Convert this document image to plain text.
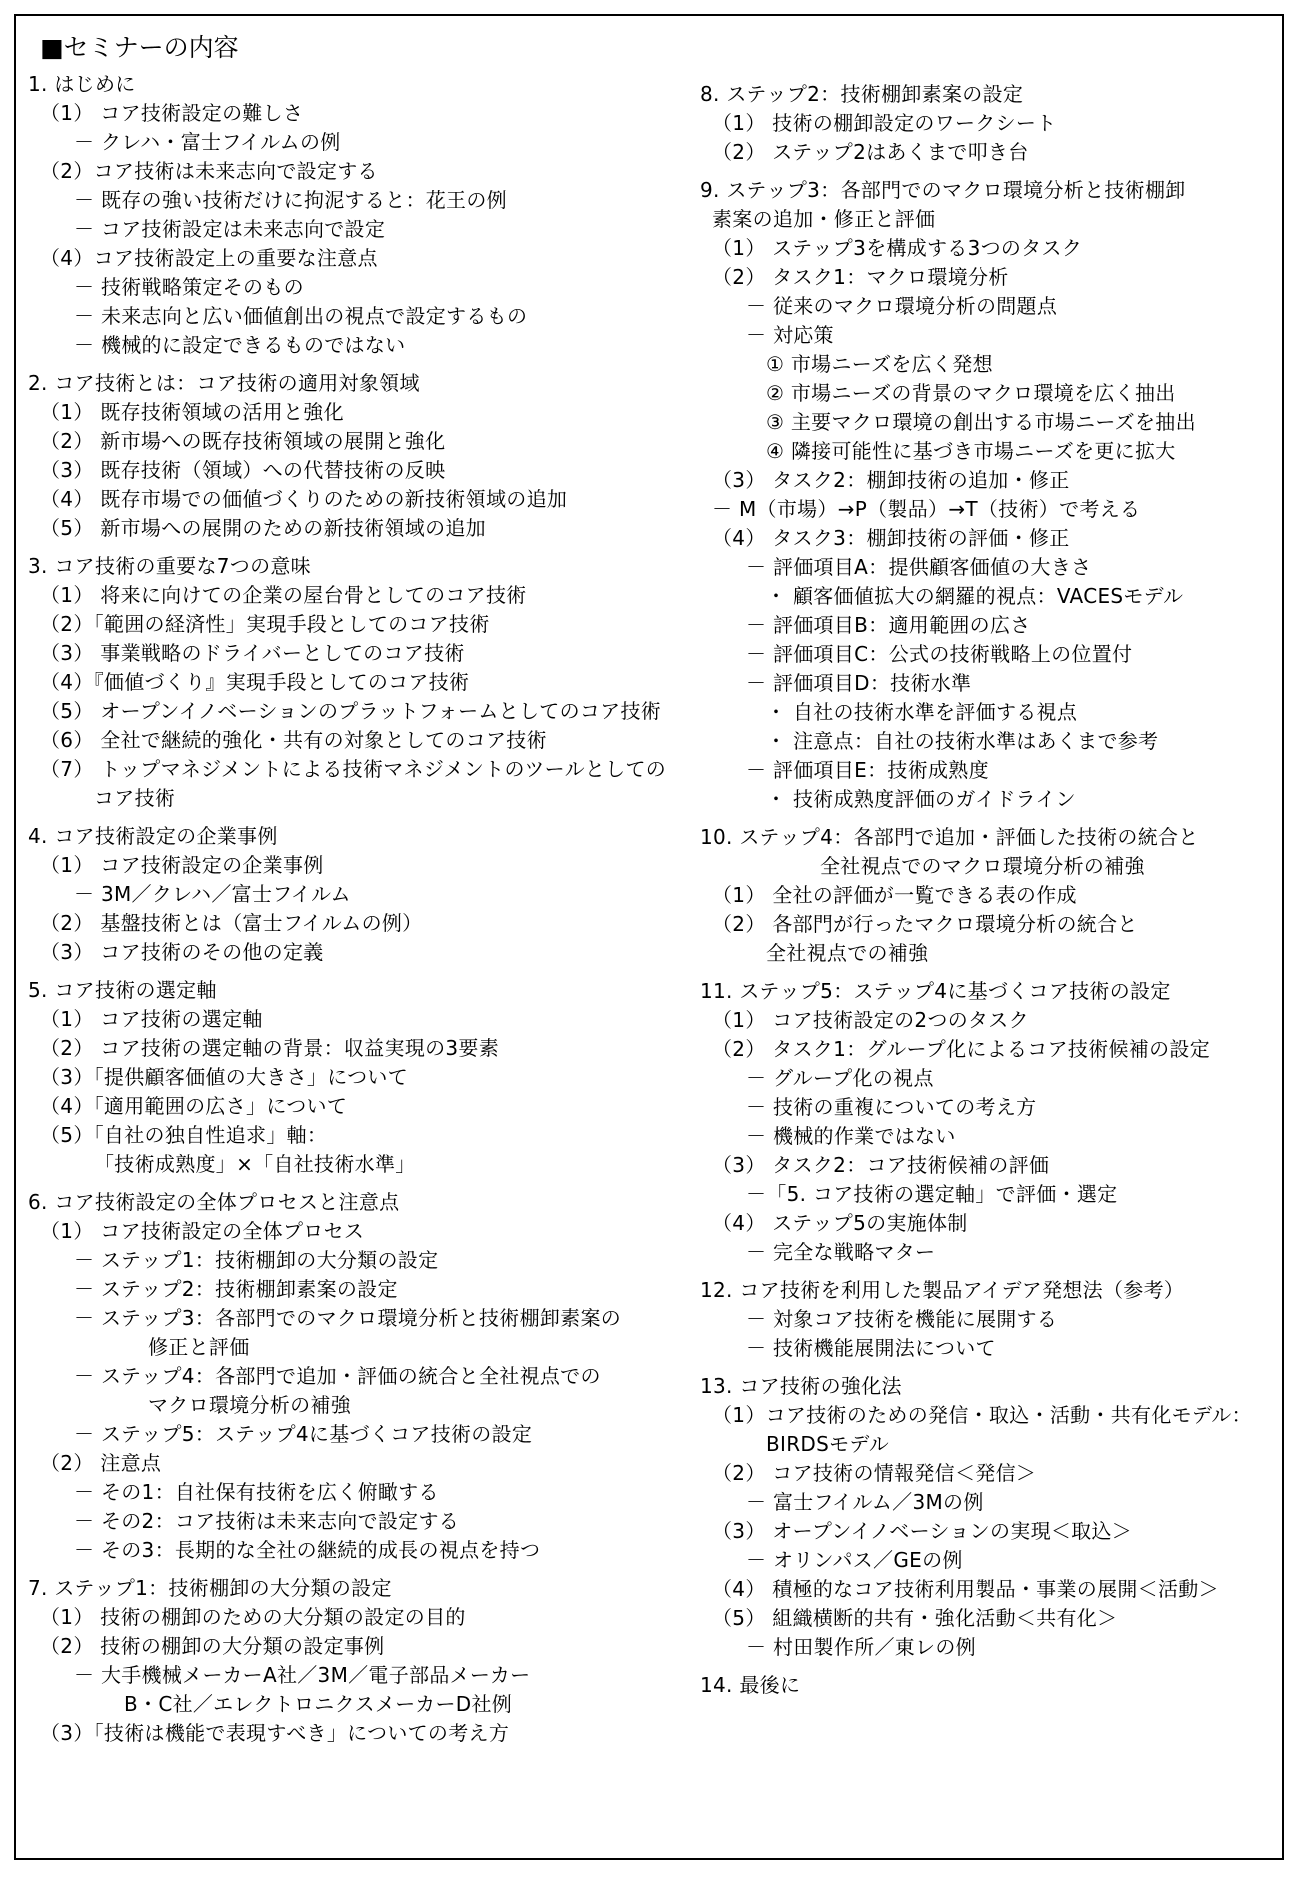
■セミナーの内容
1. はじめに
（1） コア技術設定の難しさ
－ クレハ・富士フイルムの例
（2）コア技術は未来志向で設定する
－ 既存の強い技術だけに拘泥すると：花王の例
－ コア技術設定は未来志向で設定
（4）コア技術設定上の重要な注意点
－ 技術戦略策定そのもの
－ 未来志向と広い価値創出の視点で設定するもの
－ 機械的に設定できるものではない
2. コア技術とは：コア技術の適用対象領域
（1） 既存技術領域の活用と強化
（2） 新市場への既存技術領域の展開と強化
（3） 既存技術（領域）への代替技術の反映
（4） 既存市場での価値づくりのための新技術領域の追加
（5） 新市場への展開のための新技術領域の追加
3. コア技術の重要な7つの意味
（1） 将来に向けての企業の屋台骨としてのコア技術
（2）「範囲の経済性」実現手段としてのコア技術
（3） 事業戦略のドライバーとしてのコア技術
（4）『価値づくり』実現手段としてのコア技術
（5） オープンイノベーションのプラットフォームとしてのコア技術
（6） 全社で継続的強化・共有の対象としてのコア技術
（7） トップマネジメントによる技術マネジメントのツールとしての
コア技術
4. コア技術設定の企業事例
（1） コア技術設定の企業事例
－ 3M／クレハ／富士フイルム
（2） 基盤技術とは（富士フイルムの例）
（3） コア技術のその他の定義
5. コア技術の選定軸
（1） コア技術の選定軸
（2） コア技術の選定軸の背景：収益実現の3要素
（3）「提供顧客価値の大きさ」について
（4）「適用範囲の広さ」について
（5）「自社の独自性追求」軸：
「技術成熟度」×「自社技術水準」
6. コア技術設定の全体プロセスと注意点
（1） コア技術設定の全体プロセス
－ ステップ1：技術棚卸の大分類の設定
－ ステップ2：技術棚卸素案の設定
－ ステップ3：各部門でのマクロ環境分析と技術棚卸素案の
修正と評価
－ ステップ4：各部門で追加・評価の統合と全社視点での
マクロ環境分析の補強
－ ステップ5：ステップ4に基づくコア技術の設定
（2） 注意点
－ その1：自社保有技術を広く俯瞰する
－ その2：コア技術は未来志向で設定する
－ その3：長期的な全社の継続的成長の視点を持つ
7. ステップ1：技術棚卸の大分類の設定
（1） 技術の棚卸のための大分類の設定の目的
（2） 技術の棚卸の大分類の設定事例
－ 大手機械メーカーA社／3M／電子部品メーカー
B・C社／エレクトロニクスメーカーD社例
（3）「技術は機能で表現すべき」についての考え方
8. ステップ2：技術棚卸素案の設定
（1） 技術の棚卸設定のワークシート
（2） ステップ2はあくまで叩き台
9. ステップ3：各部門でのマクロ環境分析と技術棚卸
素案の追加・修正と評価
（1） ステップ3を構成する3つのタスク
（2） タスク1：マクロ環境分析
－ 従来のマクロ環境分析の問題点
－ 対応策
① 市場ニーズを広く発想
② 市場ニーズの背景のマクロ環境を広く抽出
③ 主要マクロ環境の創出する市場ニーズを抽出
④ 隣接可能性に基づき市場ニーズを更に拡大
（3） タスク2：棚卸技術の追加・修正
－ M（市場）→P（製品）→T（技術）で考える
（4） タスク3：棚卸技術の評価・修正
－ 評価項目A：提供顧客価値の大きさ
・ 顧客価値拡大の網羅的視点：VACESモデル
－ 評価項目B：適用範囲の広さ
－ 評価項目C：公式の技術戦略上の位置付
－ 評価項目D：技術水準
・ 自社の技術水準を評価する視点
・ 注意点：自社の技術水準はあくまで参考
－ 評価項目E：技術成熟度
・ 技術成熟度評価のガイドライン
10. ステップ4：各部門で追加・評価した技術の統合と
全社視点でのマクロ環境分析の補強
（1） 全社の評価が一覧できる表の作成
（2） 各部門が行ったマクロ環境分析の統合と
全社視点での補強
11. ステップ5：ステップ4に基づくコア技術の設定
（1） コア技術設定の2つのタスク
（2） タスク1：グループ化によるコア技術候補の設定
－ グループ化の視点
－ 技術の重複についての考え方
－ 機械的作業ではない
（3） タスク2：コア技術候補の評価
－「5. コア技術の選定軸」で評価・選定
（4） ステップ5の実施体制
－ 完全な戦略マター
12. コア技術を利用した製品アイデア発想法（参考）
－ 対象コア技術を機能に展開する
－ 技術機能展開法について
13. コア技術の強化法
（1）コア技術のための発信・取込・活動・共有化モデル：
BIRDSモデル
（2） コア技術の情報発信＜発信＞
－ 富士フイルム／3Mの例
（3） オープンイノベーションの実現＜取込＞
－ オリンパス／GEの例
（4） 積極的なコア技術利用製品・事業の展開＜活動＞
（5） 組織横断的共有・強化活動＜共有化＞
－ 村田製作所／東レの例
14. 最後に
